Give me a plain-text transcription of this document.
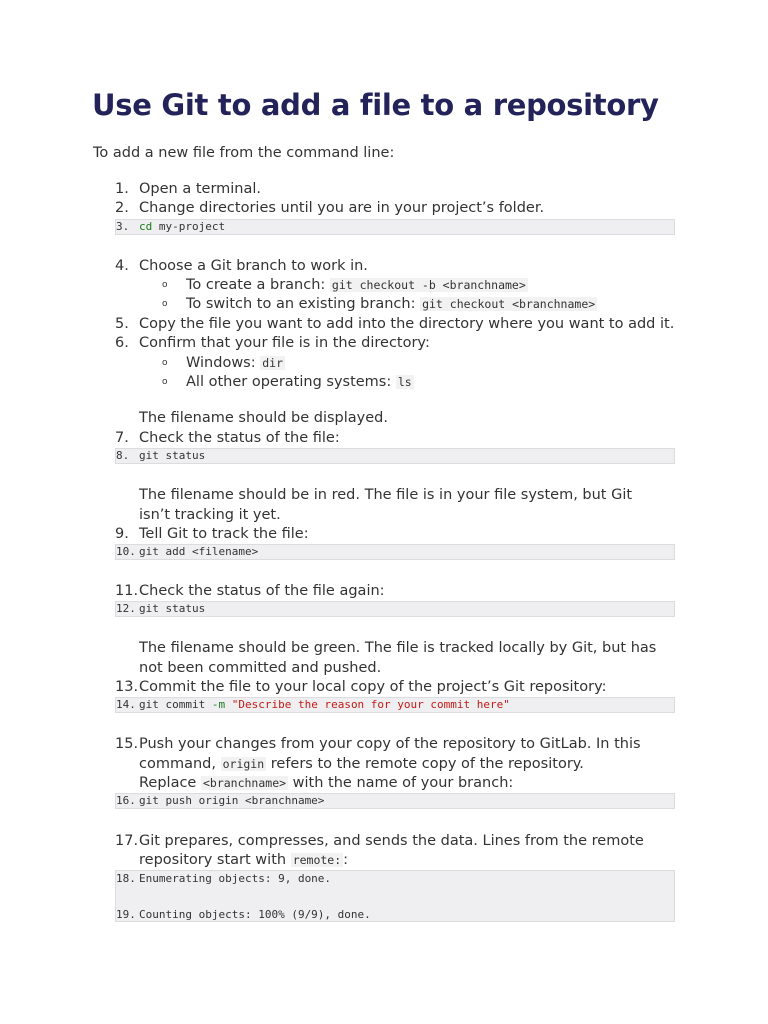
Use Git to add a file to a repository
To add a new file from the command line:
1. Open a terminal.
2. Change directories until you are in your project’s folder.
3. cd my-project
4. Choose a Git branch to work in.
o To create a branch: git checkout -b <branchname>
o To switch to an existing branch: git checkout <branchname>
5. Copy the file you want to add into the directory where you want to add it.
6. Confirm that your file is in the directory:
o Windows: dir
o All other operating systems: ls
The filename should be displayed.
7. Check the status of the file:
8. git status
The filename should be in red. The file is in your file system, but Git isn’t tracking it yet.
9. Tell Git to track the file:
10. git add <filename>
11. Check the status of the file again:
12. git status
The filename should be green. The file is tracked locally by Git, but has not been committed and pushed.
13. Commit the file to your local copy of the project’s Git repository:
14. git commit -m "Describe the reason for your commit here"
15. Push your changes from your copy of the repository to GitLab. In this
command, origin refers to the remote copy of the repository.
Replace <branchname> with the name of your branch:
16. git push origin <branchname>
17. Git prepares, compresses, and sends the data. Lines from the remote
repository start with remote: :
18. Enumerating objects: 9, done.
19. Counting objects: 100% (9/9), done.
